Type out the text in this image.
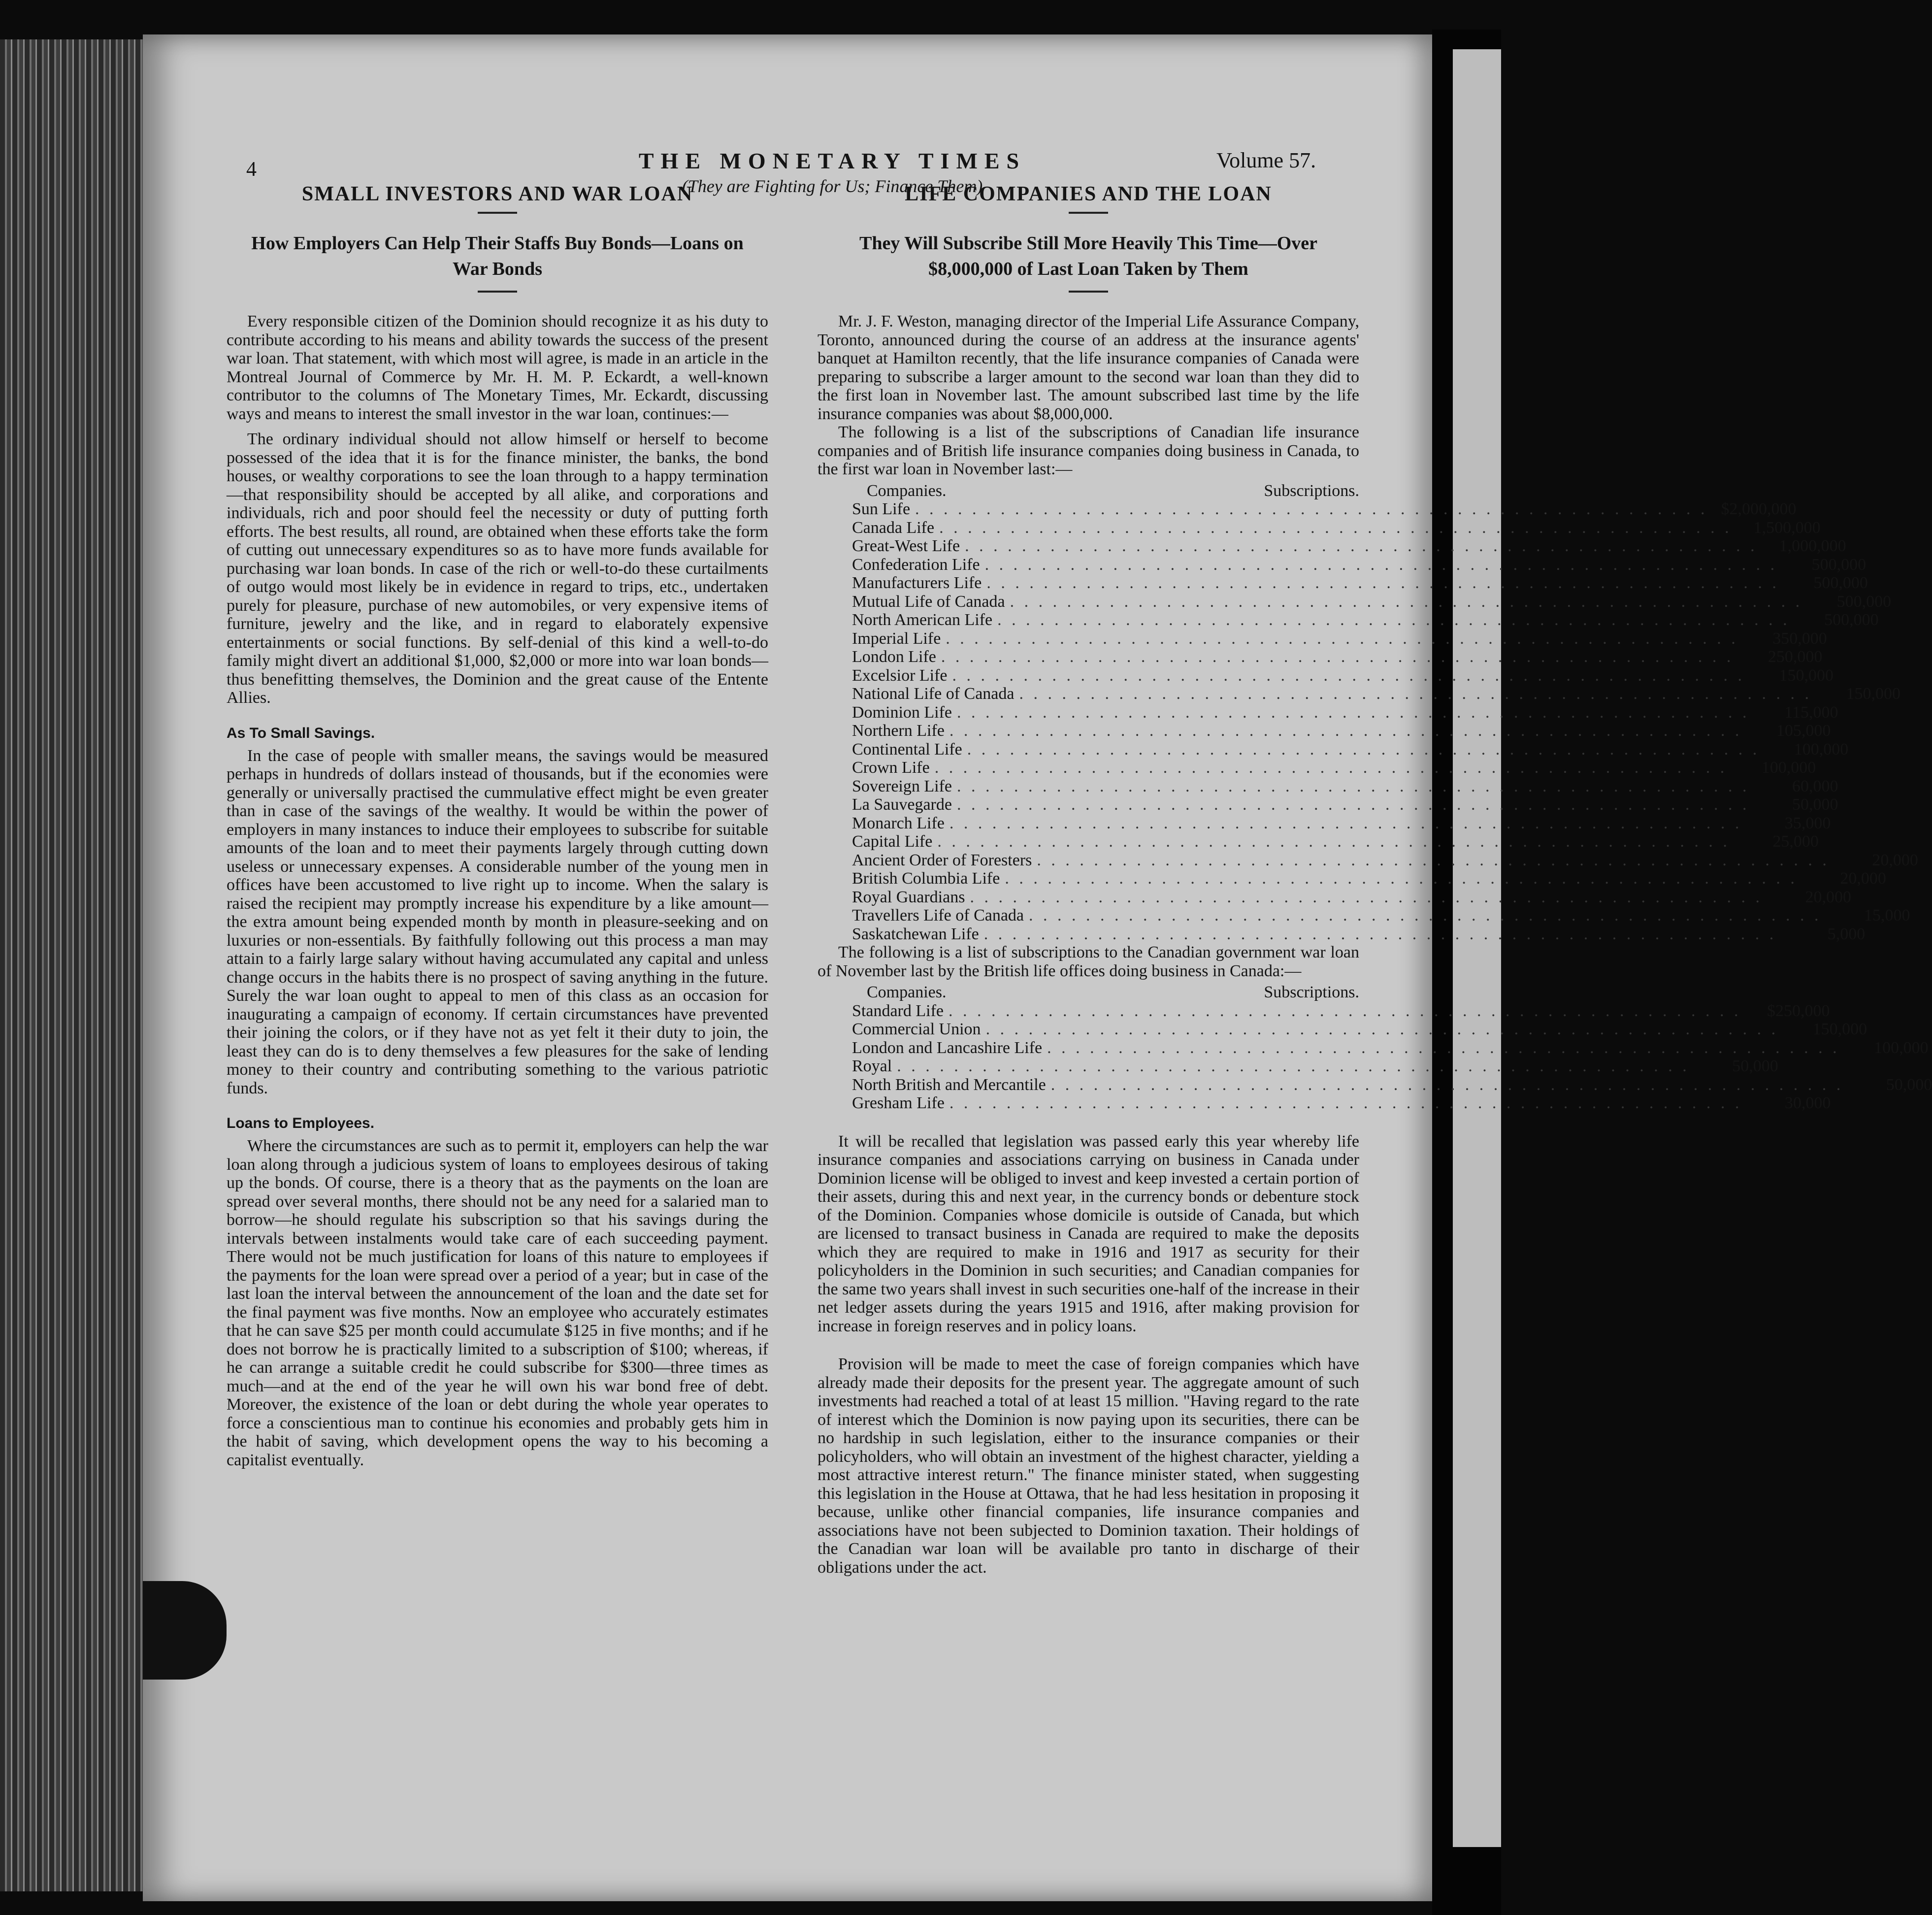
4	THE MONETARY TIMES
(They are Fighting for Us; Finance Them)
Volume 57.
SMALL INVESTORS AND WAR LOAN
How Employers Can Help Their Staffs Buy Bonds—Loans on War Bonds

Every responsible citizen of the Dominion should recognize it as his duty to contribute according to his means and ability towards the success of the present war loan. That statement, with which most will agree, is made in an article in the Montreal Journal of Commerce by Mr. H. M. P. Eckardt, a well-known contributor to the columns of The Monetary Times, Mr. Eckardt, discussing ways and means to interest the small investor in the war loan, continues:—

The ordinary individual should not allow himself or herself to become possessed of the idea that it is for the finance minister, the banks, the bond houses, or wealthy corporations to see the loan through to a happy termination—that responsibility should be accepted by all alike, and corporations and individuals, rich and poor should feel the necessity or duty of putting forth efforts. The best results, all round, are obtained when these efforts take the form of cutting out unnecessary expenditures so as to have more funds available for purchasing war loan bonds. In case of the rich or well-to-do these curtailments of outgo would most likely be in evidence in regard to trips, etc., undertaken purely for pleasure, purchase of new automobiles, or very expensive items of furniture, jewelry and the like, and in regard to elaborately expensive entertainments or social functions. By self-denial of this kind a well-to-do family might divert an additional $1,000, $2,000 or more into war loan bonds—thus benefitting themselves, the Dominion and the great cause of the Entente Allies.

As To Small Savings.

In the case of people with smaller means, the savings would be measured perhaps in hundreds of dollars instead of thousands, but if the economies were generally or universally practised the cummulative effect might be even greater than in case of the savings of the wealthy. It would be within the power of employers in many instances to induce their employees to subscribe for suitable amounts of the loan and to meet their payments largely through cutting down useless or unnecessary expenses. A considerable number of the young men in offices have been accustomed to live right up to income. When the salary is raised the recipient may promptly increase his expenditure by a like amount—the extra amount being expended month by month in pleasure-seeking and on luxuries or non-essentials. By faithfully following out this process a man may attain to a fairly large salary without having accumulated any capital and unless change occurs in the habits there is no prospect of saving anything in the future. Surely the war loan ought to appeal to men of this class as an occasion for inaugurating a campaign of economy. If certain circumstances have prevented their joining the colors, or if they have not as yet felt it their duty to join, the least they can do is to deny themselves a few pleasures for the sake of lending money to their country and contributing something to the various patriotic funds.

Loans to Employees.

Where the circumstances are such as to permit it, employers can help the war loan along through a judicious system of loans to employees desirous of taking up the bonds. Of course, there is a theory that as the payments on the loan are spread over several months, there should not be any need for a salaried man to borrow—he should regulate his subscription so that his savings during the intervals between instalments would take care of each succeeding payment. There would not be much justification for loans of this nature to employees if the payments for the loan were spread over a period of a year; but in case of the last loan the interval between the announcement of the loan and the date set for the final payment was five months. Now an employee who accurately estimates that he can save $25 per month could accumulate $125 in five months; and if he does not borrow he is practically limited to a subscription of $100; whereas, if he can arrange a suitable credit he could subscribe for $300—three times as much—and at the end of the year he will own his war bond free of debt. Moreover, the existence of the loan or debt during the whole year operates to force a conscientious man to continue his economies and probably gets him in the habit of saving, which development opens the way to his becoming a capitalist eventually.

LIFE COMPANIES AND THE LOAN
They Will Subscribe Still More Heavily This Time—Over $8,000,000 of Last Loan Taken by Them

Mr. J. F. Weston, managing director of the Imperial Life Assurance Company, Toronto, announced during the course of an address at the insurance agents' banquet at Hamilton recently, that the life insurance companies of Canada were preparing to subscribe a larger amount to the second war loan than they did to the first loan in November last. The amount subscribed last time by the life insurance companies was about $8,000,000.

The following is a list of the subscriptions of Canadian life insurance companies and of British life insurance companies doing business in Canada, to the first war loan in November last:—

Companies.	Subscriptions.
Sun Life . . . . . . . . . . . . . . . . . . . . . . . . . . . . . . . . . . . . . . . . . . . . . . . . . . . . . . . . $2,000,000
Canada Life . . . . . . . . . . . . . . . . . . . . . . . . . . . . . . . . . . . . . . . . . . . . . . . . . . . . . . . .	1,500,000
Great-West Life . . . . . . . . . . . . . . . . . . . . . . . . . . . . . . . . . . . . . . . . . . . . . . . . . . . . . . . .	1,000,000
Confederation Life . . . . . . . . . . . . . . . . . . . . . . . . . . . . . . . . . . . . . . . . . . . . . . . . . . . . . . . .	500,000
Manufacturers Life . . . . . . . . . . . . . . . . . . . . . . . . . . . . . . . . . . . . . . . . . . . . . . . . . . . . . . . .	500,000
Mutual Life of Canada . . . . . . . . . . . . . . . . . . . . . . . . . . . . . . . . . . . . . . . . . . . . . . . . . . . . . . . .	500,000
North American Life . . . . . . . . . . . . . . . . . . . . . . . . . . . . . . . . . . . . . . . . . . . . . . . . . . . . . . . .	500,000
Imperial Life . . . . . . . . . . . . . . . . . . . . . . . . . . . . . . . . . . . . . . . . . . . . . . . . . . . . . . . .	350,000
London Life . . . . . . . . . . . . . . . . . . . . . . . . . . . . . . . . . . . . . . . . . . . . . . . . . . . . . . . .	250,000
Excelsior Life . . . . . . . . . . . . . . . . . . . . . . . . . . . . . . . . . . . . . . . . . . . . . . . . . . . . . . . .	150,000
National Life of Canada . . . . . . . . . . . . . . . . . . . . . . . . . . . . . . . . . . . . . . . . . . . . . . . . . . . . . . . .	150,000
Dominion Life . . . . . . . . . . . . . . . . . . . . . . . . . . . . . . . . . . . . . . . . . . . . . . . . . . . . . . . .	115,000
Northern Life . . . . . . . . . . . . . . . . . . . . . . . . . . . . . . . . . . . . . . . . . . . . . . . . . . . . . . . .	105,000
Continental Life . . . . . . . . . . . . . . . . . . . . . . . . . . . . . . . . . . . . . . . . . . . . . . . . . . . . . . . .	100,000
Crown Life . . . . . . . . . . . . . . . . . . . . . . . . . . . . . . . . . . . . . . . . . . . . . . . . . . . . . . . .	100,000
Sovereign Life . . . . . . . . . . . . . . . . . . . . . . . . . . . . . . . . . . . . . . . . . . . . . . . . . . . . . . . .	60,000
La Sauvegarde . . . . . . . . . . . . . . . . . . . . . . . . . . . . . . . . . . . . . . . . . . . . . . . . . . . . . . . .	50,000
Monarch Life . . . . . . . . . . . . . . . . . . . . . . . . . . . . . . . . . . . . . . . . . . . . . . . . . . . . . . . .	35,000
Capital Life . . . . . . . . . . . . . . . . . . . . . . . . . . . . . . . . . . . . . . . . . . . . . . . . . . . . . . . .	25,000
Ancient Order of Foresters . . . . . . . . . . . . . . . . . . . . . . . . . . . . . . . . . . . . . . . . . . . . . . . . . . . . . . . .	20,000
British Columbia Life . . . . . . . . . . . . . . . . . . . . . . . . . . . . . . . . . . . . . . . . . . . . . . . . . . . . . . . .	20,000
Royal Guardians . . . . . . . . . . . . . . . . . . . . . . . . . . . . . . . . . . . . . . . . . . . . . . . . . . . . . . . .	20,000
Travellers Life of Canada . . . . . . . . . . . . . . . . . . . . . . . . . . . . . . . . . . . . . . . . . . . . . . . . . . . . . . . .	15,000
Saskatchewan Life . . . . . . . . . . . . . . . . . . . . . . . . . . . . . . . . . . . . . . . . . . . . . . . . . . . . . . . .	5,000

The following is a list of subscriptions to the Canadian government war loan of November last by the British life offices doing business in Canada:—

Companies.	Subscriptions.
Standard Life . . . . . . . . . . . . . . . . . . . . . . . . . . . . . . . . . . . . . . . . . . . . . . . . . . . . . . . .	$250,000
Commercial Union . . . . . . . . . . . . . . . . . . . . . . . . . . . . . . . . . . . . . . . . . . . . . . . . . . . . . . . .	150,000
London and Lancashire Life . . . . . . . . . . . . . . . . . . . . . . . . . . . . . . . . . . . . . . . . . . . . . . . . . . . . . . . .	100,000
Royal . . . . . . . . . . . . . . . . . . . . . . . . . . . . . . . . . . . . . . . . . . . . . . . . . . . . . . . .	50,000
North British and Mercantile . . . . . . . . . . . . . . . . . . . . . . . . . . . . . . . . . . . . . . . . . . . . . . . . . . . . . . . .	50,000
Gresham Life . . . . . . . . . . . . . . . . . . . . . . . . . . . . . . . . . . . . . . . . . . . . . . . . . . . . . . . .	30,000

It will be recalled that legislation was passed early this year whereby life insurance companies and associations carrying on business in Canada under Dominion license will be obliged to invest and keep invested a certain portion of their assets, during this and next year, in the currency bonds or debenture stock of the Dominion. Companies whose domicile is outside of Canada, but which are licensed to transact business in Canada are required to make the deposits which they are required to make in 1916 and 1917 as security for their policyholders in the Dominion in such securities; and Canadian companies for the same two years shall invest in such securities one-half of the increase in their net ledger assets during the years 1915 and 1916, after making provision for increase in foreign reserves and in policy loans.

Provision will be made to meet the case of foreign companies which have already made their deposits for the present year. The aggregate amount of such investments had reached a total of at least 15 million. "Having regard to the rate of interest which the Dominion is now paying upon its securities, there can be no hardship in such legislation, either to the insurance companies or their policyholders, who will obtain an investment of the highest character, yielding a most attractive interest return." The finance minister stated, when suggesting this legislation in the House at Ottawa, that he had less hesitation in proposing it because, unlike other financial companies, life insurance companies and associations have not been subjected to Dominion taxation. Their holdings of the Canadian war loan will be available pro tanto in discharge of their obligations under the act.
